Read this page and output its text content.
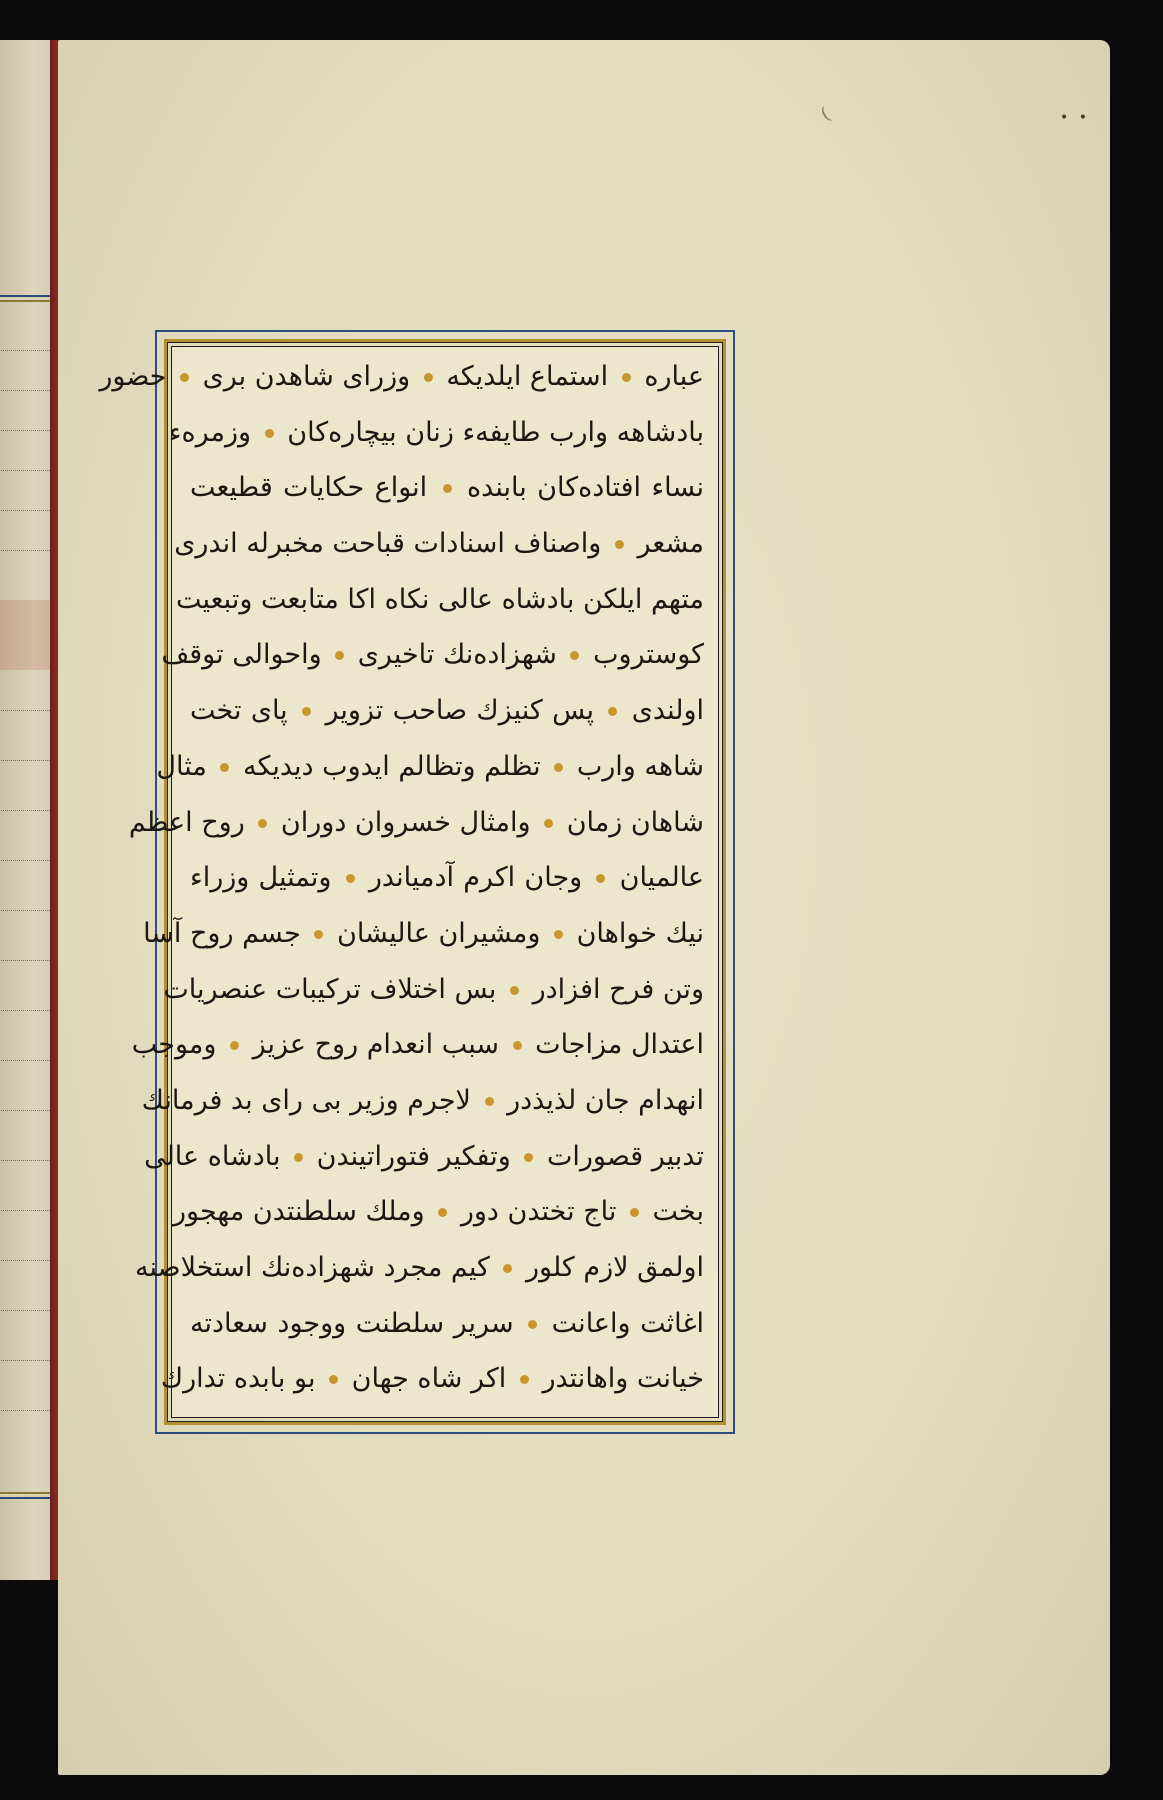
(	• •
عبارە  استماع ایلدیکه  وزرای شاهدن بری  حضور
بادشاهه وارب طایفهء زنان بیچارەکان  وزمرهء
نساء افتادەکان بابنده  انواع حکایات قطیعت
مشعر  واصناف اسنادات قباحت مخبرله اندری
متهم ایلکن بادشاه عالی نکاه اکا متابعت وتبعیت
کوستروب  شهزادەنك تاخیری  واحوالی توقف
اولندی  پس کنیزك صاحب تزویر  پای تخت
شاهه وارب  تظلم وتظالم ایدوب دیدیکه  مثال
شاهان زمان  وامثال خسروان دوران  روح اعظم
عالمیان  وجان اکرم آدمیاندر  وتمثیل وزراء
نیك خواهان  ومشیران عالیشان  جسم روح آسا
وتن فرح افزادر  بس اختلاف ترکیبات عنصریات
اعتدال مزاجات  سبب انعدام روح عزیز  وموجب
انهدام جان لذیذدر  لاجرم وزیر بی رای بد فرمانك
تدبیر قصورات  وتفکیر فتوراتیندن  بادشاه عالی
بخت  تاج تختدن دور  وملك سلطنتدن مهجور
اولمق لازم کلور  کیم مجرد شهزادەنك استخلاصنه
اغاثت واعانت  سریر سلطنت ووجود سعادته
خیانت واهانتدر  اکر شاه جهان  بو بابده تدارك
